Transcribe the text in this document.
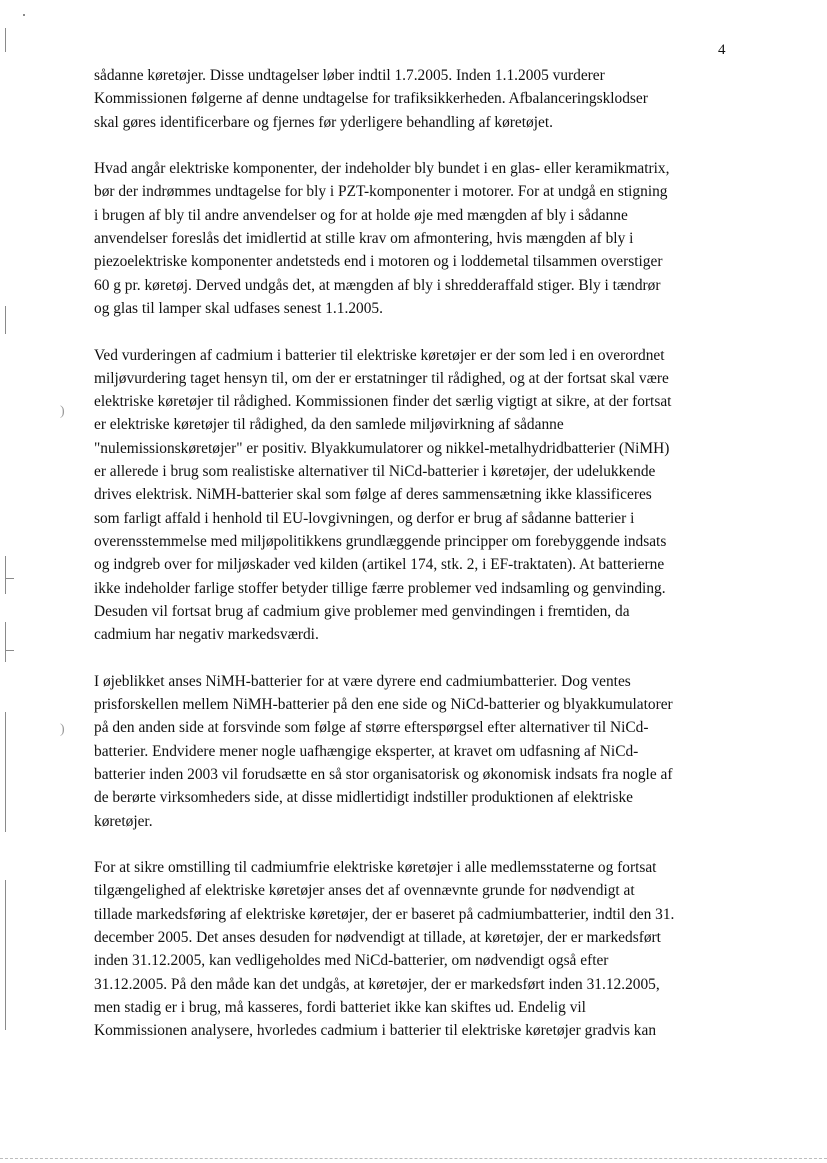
)
)
4

sådanne køretøjer. Disse undtagelser løber indtil 1.7.2005. Inden 1.1.2005 vurderer

Kommissionen følgerne af denne undtagelse for trafiksikkerheden. Afbalanceringsklodser

skal gøres identificerbare og fjernes før yderligere behandling af køretøjet.

Hvad angår elektriske komponenter, der indeholder bly bundet i en glas- eller keramikmatrix,

bør der indrømmes undtagelse for bly i PZT-komponenter i motorer. For at undgå en stigning

i brugen af bly til andre anvendelser og for at holde øje med mængden af bly i sådanne

anvendelser foreslås det imidlertid at stille krav om afmontering, hvis mængden af bly i

piezoelektriske komponenter andetsteds end i motoren og i loddemetal tilsammen overstiger

60 g pr. køretøj. Derved undgås det, at mængden af bly i shredderaffald stiger. Bly i tændrør

og glas til lamper skal udfases senest 1.1.2005.

Ved vurderingen af cadmium i batterier til elektriske køretøjer er der som led i en overordnet

miljøvurdering taget hensyn til, om der er erstatninger til rådighed, og at der fortsat skal være

elektriske køretøjer til rådighed. Kommissionen finder det særlig vigtigt at sikre, at der fortsat

er elektriske køretøjer til rådighed, da den samlede miljøvirkning af sådanne

"nulemissionskøretøjer" er positiv. Blyakkumulatorer og nikkel-metalhydridbatterier (NiMH)

er allerede i brug som realistiske alternativer til NiCd-batterier i køretøjer, der udelukkende

drives elektrisk. NiMH-batterier skal som følge af deres sammensætning ikke klassificeres

som farligt affald i henhold til EU-lovgivningen, og derfor er brug af sådanne batterier i

overensstemmelse med miljøpolitikkens grundlæggende principper om forebyggende indsats

og indgreb over for miljøskader ved kilden (artikel 174, stk. 2, i EF-traktaten). At batterierne

ikke indeholder farlige stoffer betyder tillige færre problemer ved indsamling og genvinding.

Desuden vil fortsat brug af cadmium give problemer med genvindingen i fremtiden, da

cadmium har negativ markedsværdi.

I øjeblikket anses NiMH-batterier for at være dyrere end cadmiumbatterier. Dog ventes

prisforskellen mellem NiMH-batterier på den ene side og NiCd-batterier og blyakkumulatorer

på den anden side at forsvinde som følge af større efterspørgsel efter alternativer til NiCd-

batterier. Endvidere mener nogle uafhængige eksperter, at kravet om udfasning af NiCd-

batterier inden 2003 vil forudsætte en så stor organisatorisk og økonomisk indsats fra nogle af

de berørte virksomheders side, at disse midlertidigt indstiller produktionen af elektriske

køretøjer.

For at sikre omstilling til cadmiumfrie elektriske køretøjer i alle medlemsstaterne og fortsat

tilgængelighed af elektriske køretøjer anses det af ovennævnte grunde for nødvendigt at

tillade markedsføring af elektriske køretøjer, der er baseret på cadmiumbatterier, indtil den 31.

december 2005. Det anses desuden for nødvendigt at tillade, at køretøjer, der er markedsført

inden 31.12.2005, kan vedligeholdes med NiCd-batterier, om nødvendigt også efter

31.12.2005. På den måde kan det undgås, at køretøjer, der er markedsført inden 31.12.2005,

men stadig er i brug, må kasseres, fordi batteriet ikke kan skiftes ud. Endelig vil

Kommissionen analysere, hvorledes cadmium i batterier til elektriske køretøjer gradvis kan
